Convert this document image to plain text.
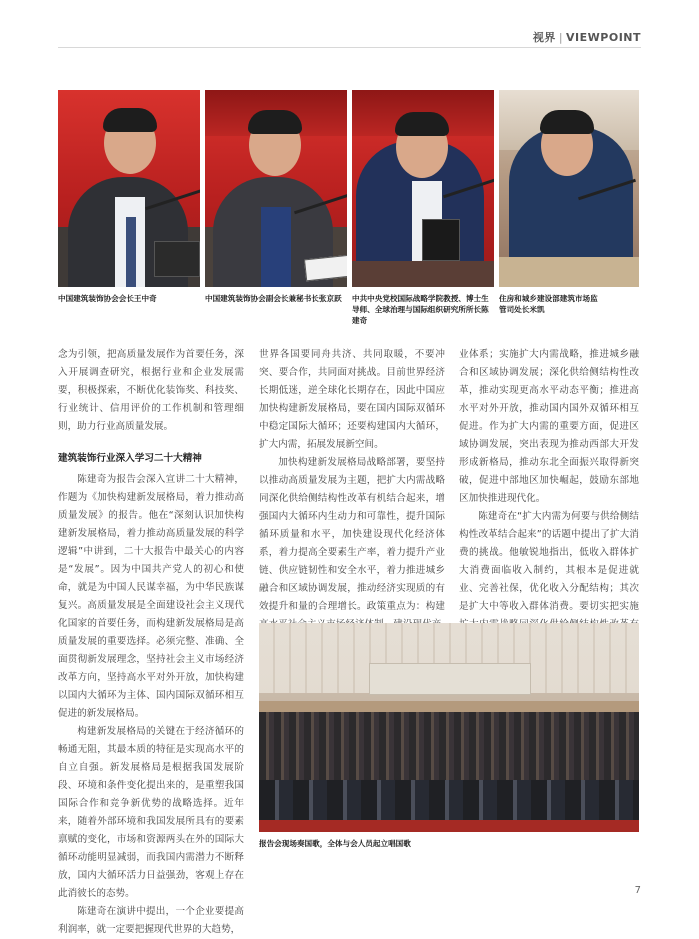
视界 | VIEWPOINT
中国建筑装饰协会会长王中奇	中国建筑装饰协会副会长兼秘书长张京跃	中共中央党校国际战略学院教授、博士生导师、全球治理与国际组织研究所所长陈建奇
住房和城乡建设部建筑市场监管司处长米凯

念为引领，把高质量发展作为首要任务，深入开展调查研究，根据行业和企业发展需要，积极探索，不断优化装饰奖、科技奖、行业统计、信用评价的工作机制和管理细则，助力行业高质量发展。

建筑装饰行业深入学习二十大精神

陈建奇为报告会深入宣讲二十大精神，作题为《加快构建新发展格局，着力推动高质量发展》的报告。他在“深刻认识加快构建新发展格局，着力推动高质量发展的科学逻辑”中讲到，二十大报告中最关心的内容是“发展”。因为中国共产党人的初心和使命，就是为中国人民谋幸福，为中华民族谋复兴。高质量发展是全面建设社会主义现代化国家的首要任务，而构建新发展格局是高质量发展的重要选择。必须完整、准确、全面贯彻新发展理念，坚持社会主义市场经济改革方向，坚持高水平对外开放，加快构建以国内大循环为主体、国内国际双循环相互促进的新发展格局。

构建新发展格局的关键在于经济循环的畅通无阻，其最本质的特征是实现高水平的自立自强。新发展格局是根据我国发展阶段、环境和条件变化提出来的，是重塑我国国际合作和竞争新优势的战略选择。近年来，随着外部环境和我国发展所具有的要素禀赋的变化，市场和资源两头在外的国际大循环动能明显减弱，而我国内需潜力不断释放，国内大循环活力日益强劲，客观上存在此消彼长的态势。

陈建奇在演讲中提出，一个企业要提高利润率，就一定要把握现代世界的大趋势，

世界各国要同舟共济、共同取暖，不要冲突、要合作，共同面对挑战。目前世界经济长期低迷，逆全球化长期存在，因此中国应加快构建新发展格局，要在国内国际双循环中稳定国际大循环；还要构建国内大循环，扩大内需，拓展发展新空间。

加快构建新发展格局战略部署，要坚持以推动高质量发展为主题，把扩大内需战略同深化供给侧结构性改革有机结合起来，增强国内大循环内生动力和可靠性，提升国际循环质量和水平，加快建设现代化经济体系，着力提高全要素生产率，着力提升产业链、供应链韧性和安全水平，着力推进城乡融合和区域协调发展，推动经济实现质的有效提升和量的合理增长。政策重点为：构建

业体系；实施扩大内需战略，推进城乡融合和区域协调发展；深化供给侧结构性改革，推动实现更高水平动态平衡；推进高水平对外开放，推动国内国外双循环相互促进。作为扩大内需的重要方面，促进区域协调发展，突出表现为推动西部大开发形成新格局，推动东北全面振兴取得新突破，促进中部地区加快崛起，鼓励东部地区加快推进现代化。

陈建奇在“扩大内需为何要与供给侧结构性改革结合起来”的话题中提出了扩大消费的挑战。他敏锐地指出，低收入群体扩大消费面临收入制约，其根本是促进就业、完善社保，优化收入分配结构；其次是扩大中等收入群体消费。要切实把实施

报告会现场奏国歌，全体与会人员起立唱国歌
7
